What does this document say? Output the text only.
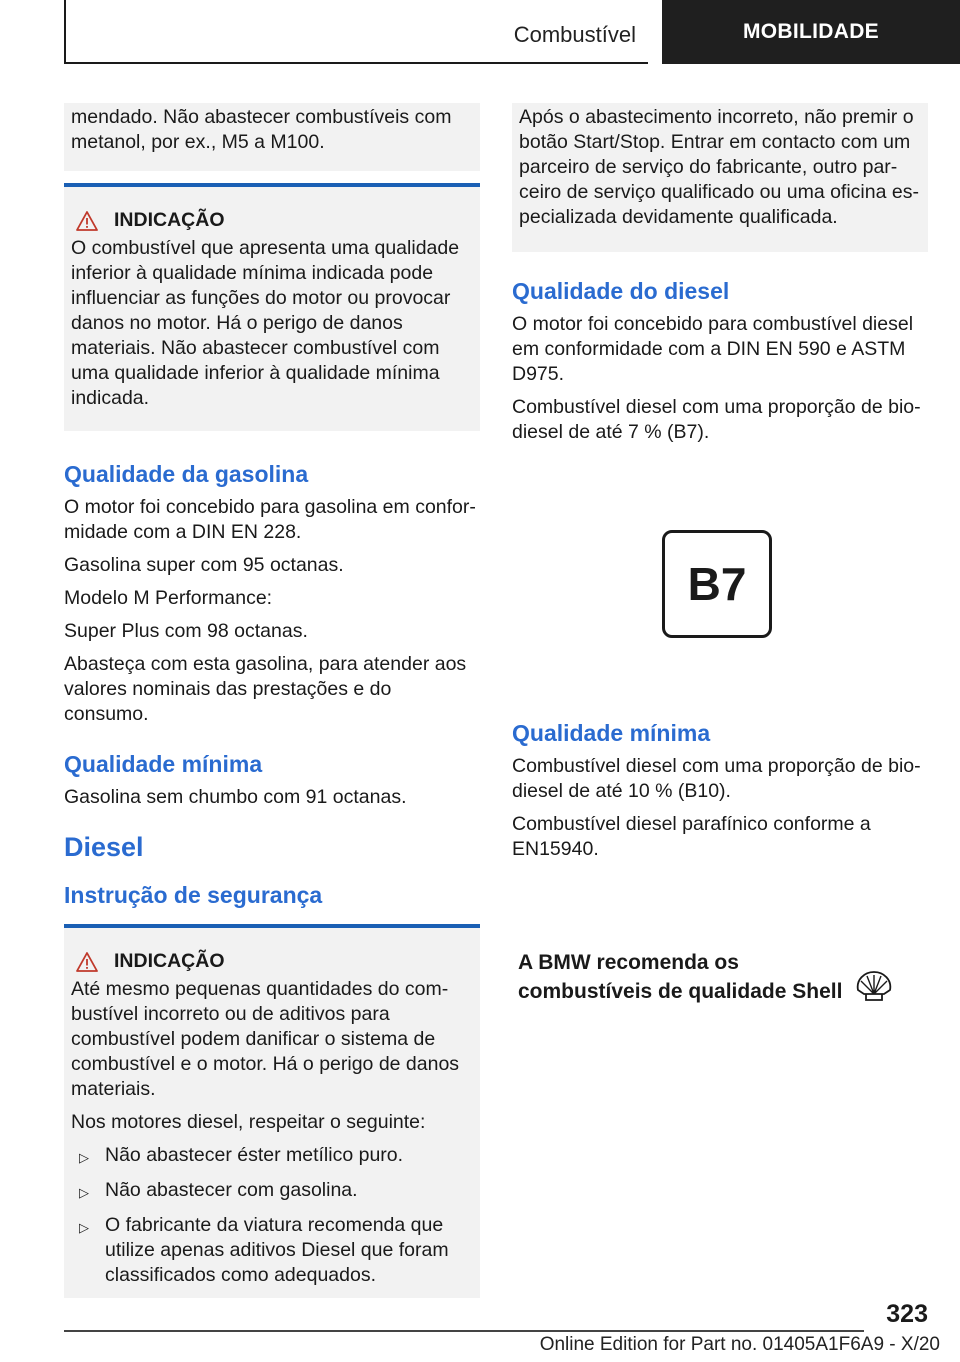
Combustível	MOBILIDADE

mendado. Não abastecer combustíveis com metanol, por ex., M5 a M100.

INDICAÇÃO

O combustível que apresenta uma qualidade inferior à qualidade mínima indicada pode influenciar as funções do motor ou provocar danos no motor. Há o perigo de danos materiais. Não abastecer combustível com uma qualidade inferior à qualidade mínima indicada.

Qualidade da gasolina

O motor foi concebido para gasolina em conformidade com a DIN EN 228.

Gasolina super com 95 octanas.

Modelo M Performance:

Super Plus com 98 octanas.

Abasteça com esta gasolina, para atender aos valores nominais das prestações e do consumo.

Qualidade mínima

Gasolina sem chumbo com 91 octanas.

Diesel
Instrução de segurança
INDICAÇÃO

Até mesmo pequenas quantidades do combustível incorreto ou de aditivos para combustível podem danificar o sistema de combustível e o motor. Há o perigo de danos materiais.

Nos motores diesel, respeitar o seguinte:

▷ Não abastecer éster metílico puro.
▷ Não abastecer com gasolina.
▷ O fabricante da viatura recomenda que utilize apenas aditivos Diesel que foram classificados como adequados.

Após o abastecimento incorreto, não premir o botão Start/Stop. Entrar em contacto com um parceiro de serviço do fabricante, outro parceiro de serviço qualificado ou uma oficina especializada devidamente qualificada.

Qualidade do diesel

O motor foi concebido para combustível diesel em conformidade com a DIN EN 590 e ASTM D975.

Combustível diesel com uma proporção de biodiesel de até 7 % (B7).

B7
Qualidade mínima

Combustível diesel com uma proporção de biodiesel de até 10 % (B10).

Combustível diesel parafínico conforme a EN15940.

A BMW recomenda os
combustíveis de qualidade Shell
323
Online Edition for Part no. 01405A1F6A9 - X/20
